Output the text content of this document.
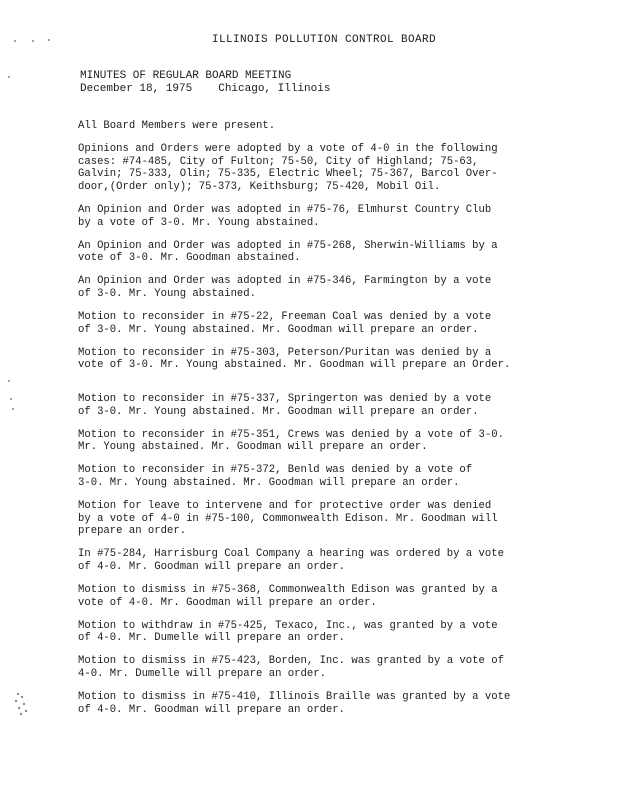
ILLINOIS POLLUTION CONTROL BOARD
MINUTES OF REGULAR BOARD MEETING
December 18, 1975 Chicago, Illinois

All Board Members were present.

Opinions and Orders were adopted by a vote of 4-0 in the following
cases: #74-485, City of Fulton; 75-50, City of Highland; 75-63,
Galvin; 75-333, Olin; 75-335, Electric Wheel; 75-367, Barcol Over-
door,(Order only); 75-373, Keithsburg; 75-420, Mobil Oil.

An Opinion and Order was adopted in #75-76, Elmhurst Country Club
by a vote of 3-0. Mr. Young abstained.

An Opinion and Order was adopted in #75-268, Sherwin-Williams by a
vote of 3-0. Mr. Goodman abstained.

An Opinion and Order was adopted in #75-346, Farmington by a vote
of 3-0. Mr. Young abstained.

Motion to reconsider in #75-22, Freeman Coal was denied by a vote
of 3-0. Mr. Young abstained. Mr. Goodman will prepare an order.

Motion to reconsider in #75-303, Peterson/Puritan was denied by a
vote of 3-0. Mr. Young abstained. Mr. Goodman will prepare an Order.

Motion to reconsider in #75-337, Springerton was denied by a vote
of 3-0. Mr. Young abstained. Mr. Goodman will prepare an order.

Motion to reconsider in #75-351, Crews was denied by a vote of 3-0.
Mr. Young abstained. Mr. Goodman will prepare an order.

Motion to reconsider in #75-372, Benld was denied by a vote of
3-0. Mr. Young abstained. Mr. Goodman will prepare an order.

Motion for leave to intervene and for protective order was denied
by a vote of 4-0 in #75-100, Commonwealth Edison. Mr. Goodman will
prepare an order.

In #75-284, Harrisburg Coal Company a hearing was ordered by a vote
of 4-0. Mr. Goodman will prepare an order.

Motion to dismiss in #75-368, Commonwealth Edison was granted by a
vote of 4-0. Mr. Goodman will prepare an order.

Motion to withdraw in #75-425, Texaco, Inc., was granted by a vote
of 4-0. Mr. Dumelle will prepare an order.

Motion to dismiss in #75-423, Borden, Inc. was granted by a vote of
4-0. Mr. Dumelle will prepare an order.

Motion to dismiss in #75-410, Illinois Braille was granted by a vote
of 4-0. Mr. Goodman will prepare an order.
